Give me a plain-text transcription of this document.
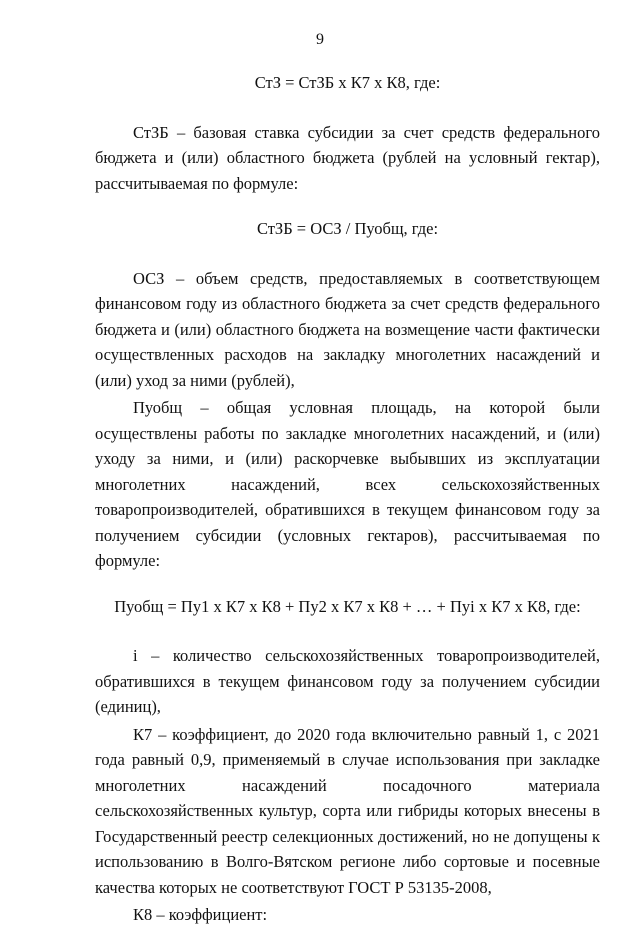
9
СтЗ = СтЗБ х К7 х К8, где:

СтЗБ – базовая ставка субсидии за счет средств федерального бюджета и (или) областного бюджета (рублей на условный гектар), рассчитываемая по формуле:

СтЗБ = ОСЗ / Пуобщ, где:

ОСЗ – объем средств, предоставляемых в соответствующем финансовом году из областного бюджета за счет средств федерального бюджета и (или) областного бюджета на возмещение части фактически осуществленных расходов на закладку многолетних насаждений и (или) уход за ними (рублей),

Пуобщ – общая условная площадь, на которой были осуществлены работы по закладке многолетних насаждений, и (или) уходу за ними, и (или) раскорчевке выбывших из эксплуатации многолетних насаждений, всех сельскохозяйственных товаропроизводителей, обратившихся в текущем финансовом году за получением субсидии (условных гектаров), рассчитываемая по формуле:

Пуобщ = Пу1 х К7 х К8 + Пу2 х К7 х К8 + … + Пуi х К7 х К8, где:

i – количество сельскохозяйственных товаропроизводителей, обратившихся в текущем финансовом году за получением субсидии (единиц),

К7 – коэффициент, до 2020 года включительно равный 1, с 2021 года равный 0,9, применяемый в случае использования при закладке многолетних насаждений посадочного материала сельскохозяйственных культур, сорта или гибриды которых внесены в Государственный реестр селекционных достижений, но не допущены к использованию в Волго-Вятском регионе либо сортовые и посевные качества которых не соответствуют ГОСТ Р 53135-2008,

К8 – коэффициент:
